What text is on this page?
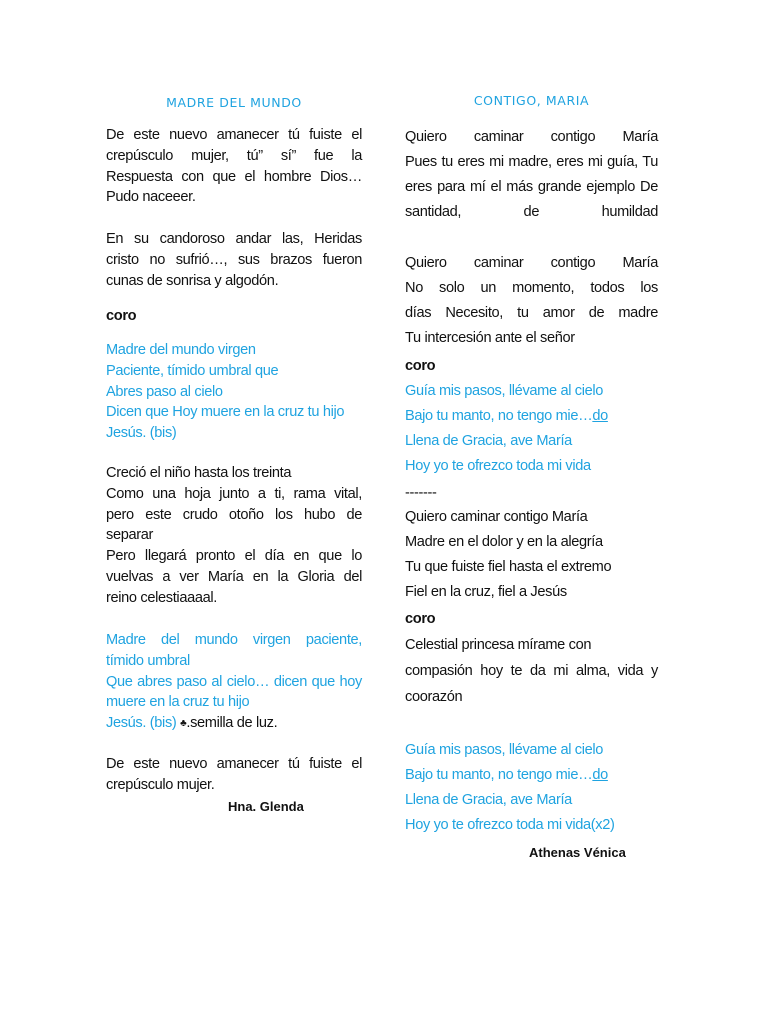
MADRE DEL MUNDO
De este nuevo amanecer tú fuiste el
crepúsculo mujer, tú” sí” fue la
Respuesta con que el hombre Dios…
Pudo naceeer.
En su candoroso andar las, Heridas
cristo no sufrió…, sus brazos fueron
cunas de sonrisa y algodón.
coro
Madre del mundo virgen
Paciente, tímido umbral que
Abres paso al cielo
Dicen que Hoy muere en la cruz tu hijo
Jesús. (bis)
Creció el niño hasta los treinta
Como una hoja junto a ti, rama vital,
pero este crudo otoño los hubo de
separar
Pero llegará pronto el día en que lo
vuelvas a ver María en la Gloria del
reino celestiaaaal.
Madre del mundo virgen paciente,
tímido umbral
Que abres paso al cielo… dicen que hoy
muere en la cruz tu hijo
Jesús. (bis) ♣.semilla de luz.
De este nuevo amanecer tú fuiste el
crepúsculo mujer.
Hna. Glenda
CONTIGO, MARIA
Quiero caminar contigo María
Pues tu eres mi madre, eres mi guía, Tu
eres para mí el más grande ejemplo De
santidad, de humildad
Quiero caminar contigo María
No solo un momento, todos los
días Necesito, tu amor de madre
Tu intercesión ante el señor
coro
Guía mis pasos, llévame al cielo
Bajo tu manto, no tengo mie…do
Llena de Gracia, ave María
Hoy yo te ofrezco toda mi vida
-------
Quiero caminar contigo María
Madre en el dolor y en la alegría
Tu que fuiste fiel hasta el extremo
Fiel en la cruz, fiel a Jesús
coro
Celestial princesa mírame con
compasión hoy te da mi alma, vida y
coorazón
Guía mis pasos, llévame al cielo
Bajo tu manto, no tengo mie…do
Llena de Gracia, ave María
Hoy yo te ofrezco toda mi vida(x2)
Athenas Vénica
